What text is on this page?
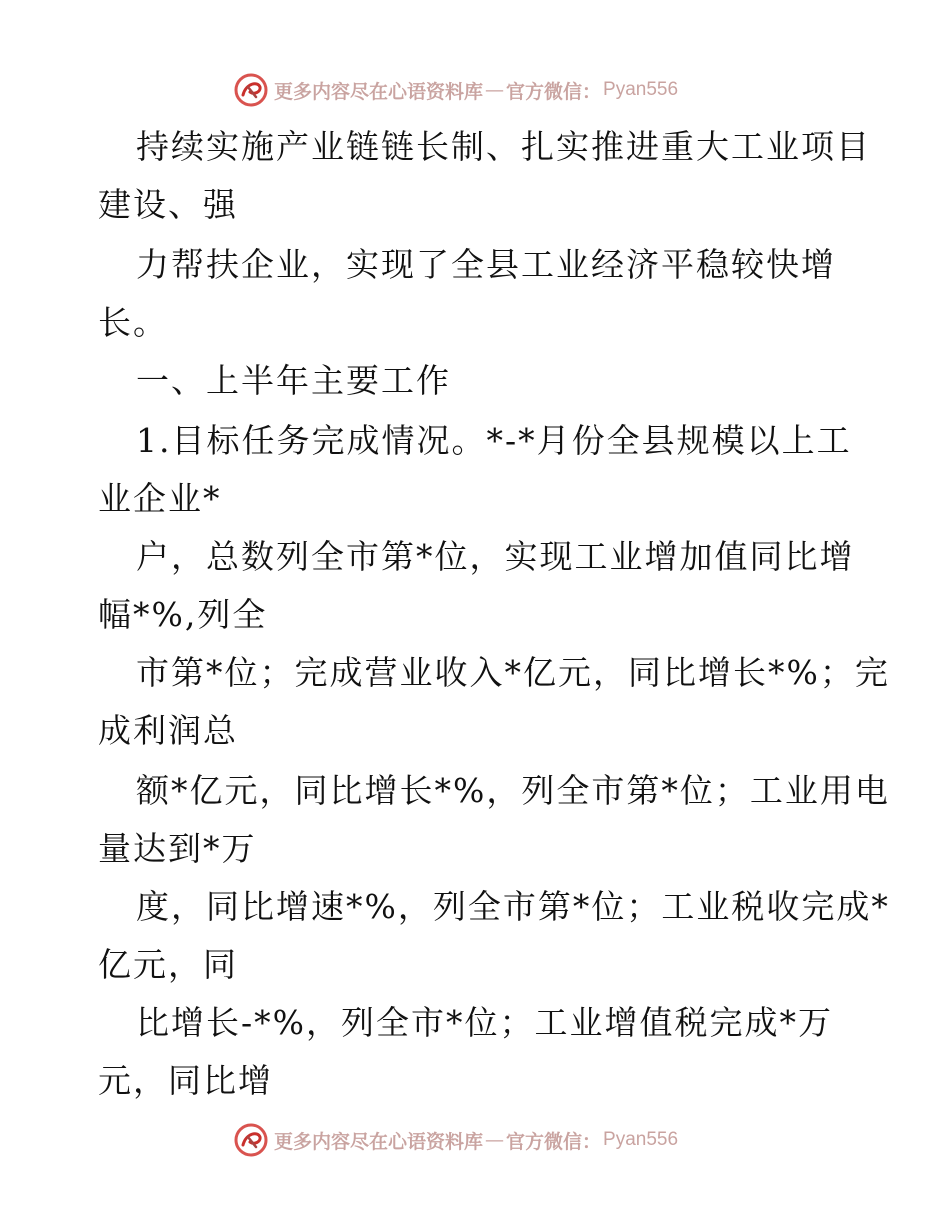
更多内容尽在心语资料库 — 官方微信： Pyan556
持续实施产业链链长制、扎实推进重大工业项目
建设、强
力帮扶企业，实现了全县工业经济平稳较快增
长。
一、上半年主要工作
1.目标任务完成情况。*-*月份全县规模以上工
业企业*
户，总数列全市第*位，实现工业增加值同比增
幅*%,列全
市第*位；完成营业收入*亿元，同比增长*%；完
成利润总
额*亿元，同比增长*%，列全市第*位；工业用电
量达到*万
度，同比增速*%，列全市第*位；工业税收完成*
亿元，同
比增长-*%，列全市*位；工业增值税完成*万
元，同比增
更多内容尽在心语资料库 — 官方微信： Pyan556
